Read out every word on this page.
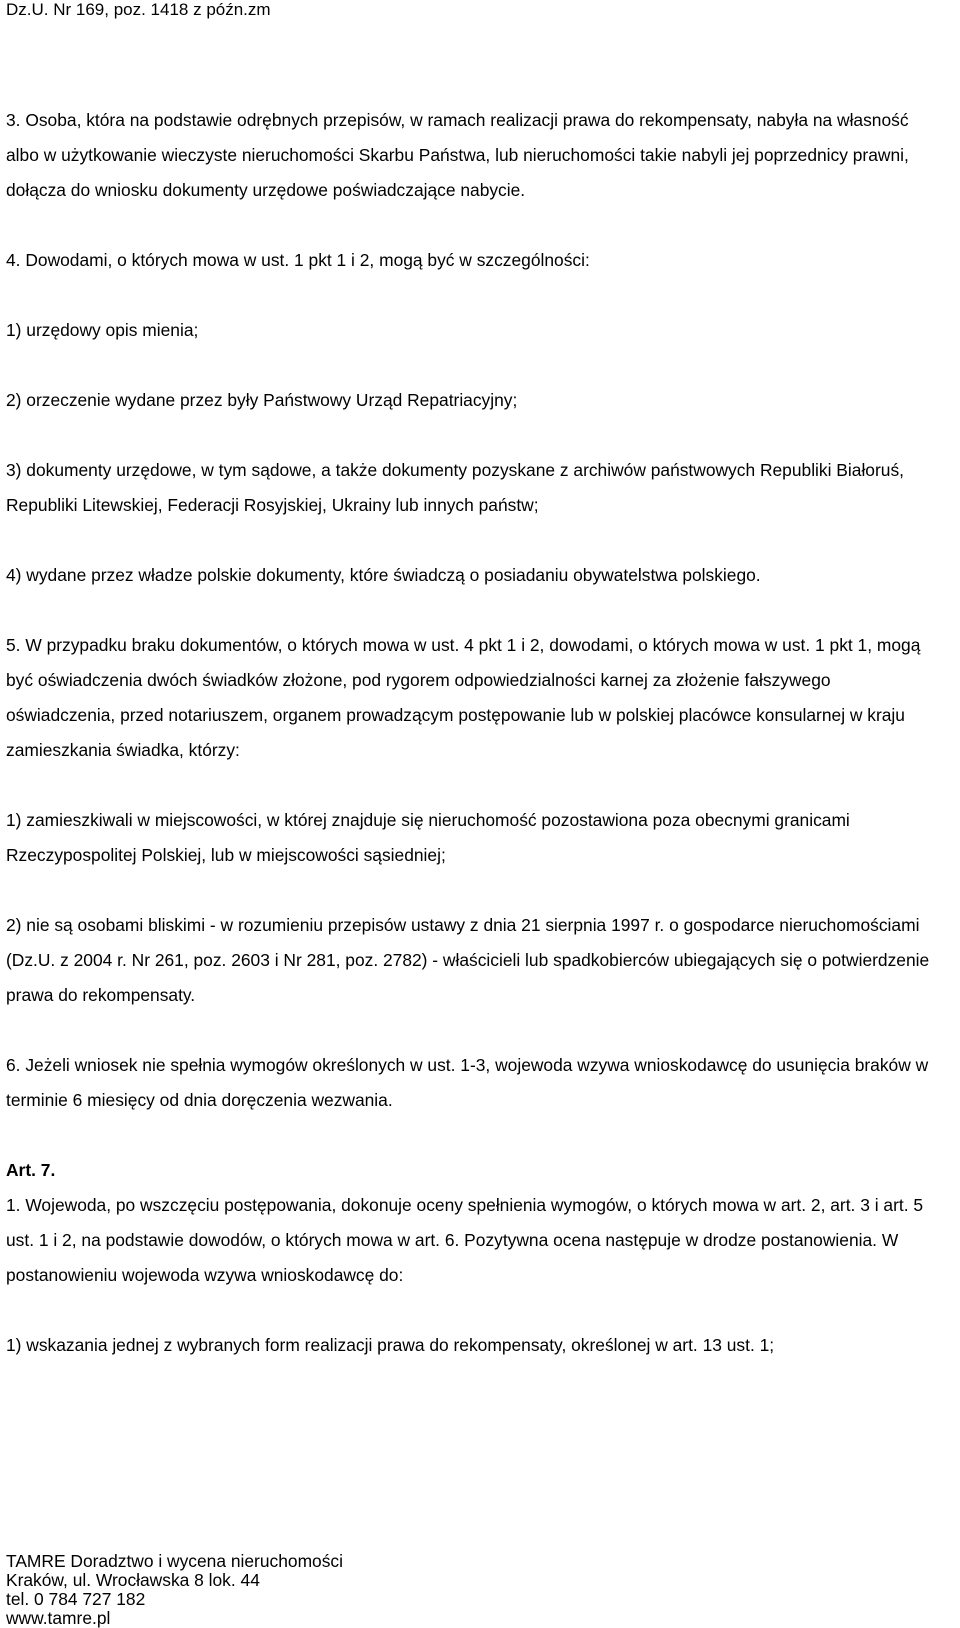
Dz.U. Nr 169, poz. 1418 z późn.zm

3. Osoba, która na podstawie odrębnych przepisów, w ramach realizacji prawa do rekompensaty, nabyła na własność albo w użytkowanie wieczyste nieruchomości Skarbu Państwa, lub nieruchomości takie nabyli jej poprzednicy prawni, dołącza do wniosku dokumenty urzędowe poświadczające nabycie.

4. Dowodami, o których mowa w ust. 1 pkt 1 i 2, mogą być w szczególności:

1) urzędowy opis mienia;

2) orzeczenie wydane przez były Państwowy Urząd Repatriacyjny;

3) dokumenty urzędowe, w tym sądowe, a także dokumenty pozyskane z archiwów państwowych Republiki Białoruś, Republiki Litewskiej, Federacji Rosyjskiej, Ukrainy lub innych państw;

4) wydane przez władze polskie dokumenty, które świadczą o posiadaniu obywatelstwa polskiego.

5. W przypadku braku dokumentów, o których mowa w ust. 4 pkt 1 i 2, dowodami, o których mowa w ust. 1 pkt 1, mogą być oświadczenia dwóch świadków złożone, pod rygorem odpowiedzialności karnej za złożenie fałszywego oświadczenia, przed notariuszem, organem prowadzącym postępowanie lub w polskiej placówce konsularnej w kraju zamieszkania świadka, którzy:

1) zamieszkiwali w miejscowości, w której znajduje się nieruchomość pozostawiona poza obecnymi granicami Rzeczypospolitej Polskiej, lub w miejscowości sąsiedniej;

2) nie są osobami bliskimi - w rozumieniu przepisów ustawy z dnia 21 sierpnia 1997 r. o gospodarce nieruchomościami (Dz.U. z 2004 r. Nr 261, poz. 2603 i Nr 281, poz. 2782) - właścicieli lub spadkobierców ubiegających się o potwierdzenie prawa do rekompensaty.

6. Jeżeli wniosek nie spełnia wymogów określonych w ust. 1-3, wojewoda wzywa wnioskodawcę do usunięcia braków w terminie 6 miesięcy od dnia doręczenia wezwania.

Art. 7.

1. Wojewoda, po wszczęciu postępowania, dokonuje oceny spełnienia wymogów, o których mowa w art. 2, art. 3 i art. 5 ust. 1 i 2, na podstawie dowodów, o których mowa w art. 6. Pozytywna ocena następuje w drodze postanowienia. W postanowieniu wojewoda wzywa wnioskodawcę do:

1) wskazania jednej z wybranych form realizacji prawa do rekompensaty, określonej w art. 13 ust. 1;

TAMRE Doradztwo i wycena nieruchomości
Kraków, ul. Wrocławska 8 lok. 44
tel. 0 784 727 182
www.tamre.pl
